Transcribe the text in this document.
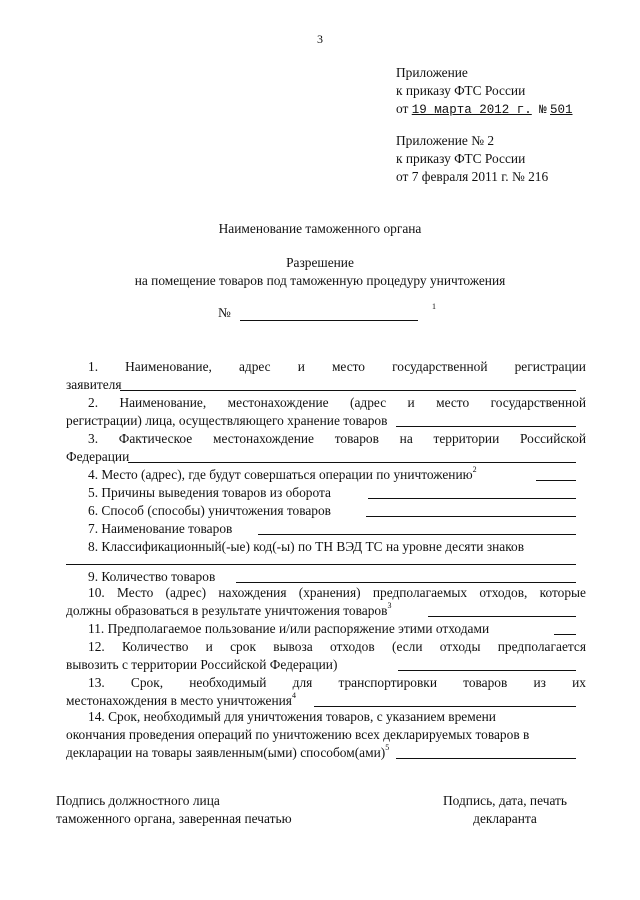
3
Приложение
к приказу ФТС России
от 19 марта 2012 г. № 501
Приложение № 2
к приказу ФТС России
от 7 февраля 2011 г. № 216
Наименование таможенного органа
Разрешение
на помещение товаров под таможенную процедуру уничтожения
№	1
1. Наименование, адрес и место государственной регистрации
заявителя
2. Наименование, местонахождение (адрес и место государственной
регистрации) лица, осуществляющего хранение товаров
3. Фактическое местонахождение товаров на территории Российской
Федерации
4. Место (адрес), где будут совершаться операции по уничтожению$^2$
5. Причины выведения товаров из оборота
6. Способ (способы) уничтожения товаров
7. Наименование товаров
8. Классификационный(-ые) код(-ы) по ТН ВЭД ТС на уровне десяти знаков
9. Количество товаров
10. Место (адрес) нахождения (хранения) предполагаемых отходов, которые
должны образоваться в результате уничтожения товаров$^3$
11. Предполагаемое пользование и/или распоряжение этими отходами
12. Количество и срок вывоза отходов (если отходы предполагается
вывозить с территории Российской Федерации)
13. Срок, необходимый для транспортировки товаров из их
местонахождения в место уничтожения$^4$
14. Срок, необходимый для уничтожения товаров, с указанием времени
окончания проведения операций по уничтожению всех декларируемых товаров в
декларации на товары заявленным(ыми) способом(ами)$^5$
Подпись должностного лица
таможенного органа, заверенная печатью
Подпись, дата, печать
декларанта
